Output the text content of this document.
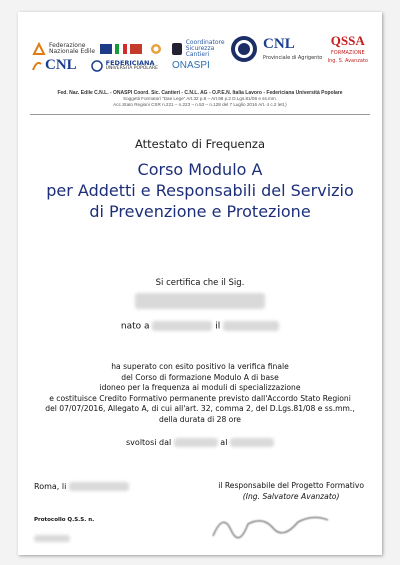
Federazione
Nazionale Edile
Coordinatore
Sicurezza
Cantieri
CNL
Provinciale di Agrigento
QSSA
FORMAZIONE
Ing. S. Avanzato
CNL	FEDERICIANA
UNIVERSITÀ POPOLARE ONASPI
Fed. Naz. Edile C.N.L. - ONASPI Coord. Sic. Cantieri - C.N.L. AG - O.P.E.N. Italia Lavoro - Federiciana Università Popolare
Soggetti Formatori "Dae Lege" Art.32 p.8 – Art.98 p.2 D.Lgs.81/08 e ss.mm.
Acc.Stato Regioni CSR n.221 – n.223 – n.53 – n.128 del 7 Luglio 2016 Art. 4 c.2 lett.)
Attestato di Frequenza
Corso Modulo A
per Addetti e Responsabili del Servizio
di Prevenzione e Protezione
Si certifica che il Sig.
nato a	il
ha superato con esito positivo la verifica finale
del Corso di formazione Modulo A di base
idoneo per la frequenza ai moduli di specializzazione
e costituisce Credito Formativo permanente previsto dall'Accordo Stato Regioni
del 07/07/2016, Allegato A, di cui all'art. 32, comma 2, del D.Lgs.81/08 e ss.mm.,
della durata di 28 ore
svoltosi dal	al
Roma, li	il Responsabile del Progetto Formativo
(Ing. Salvatore Avanzato)
Protocollo Q.S.S. n.
